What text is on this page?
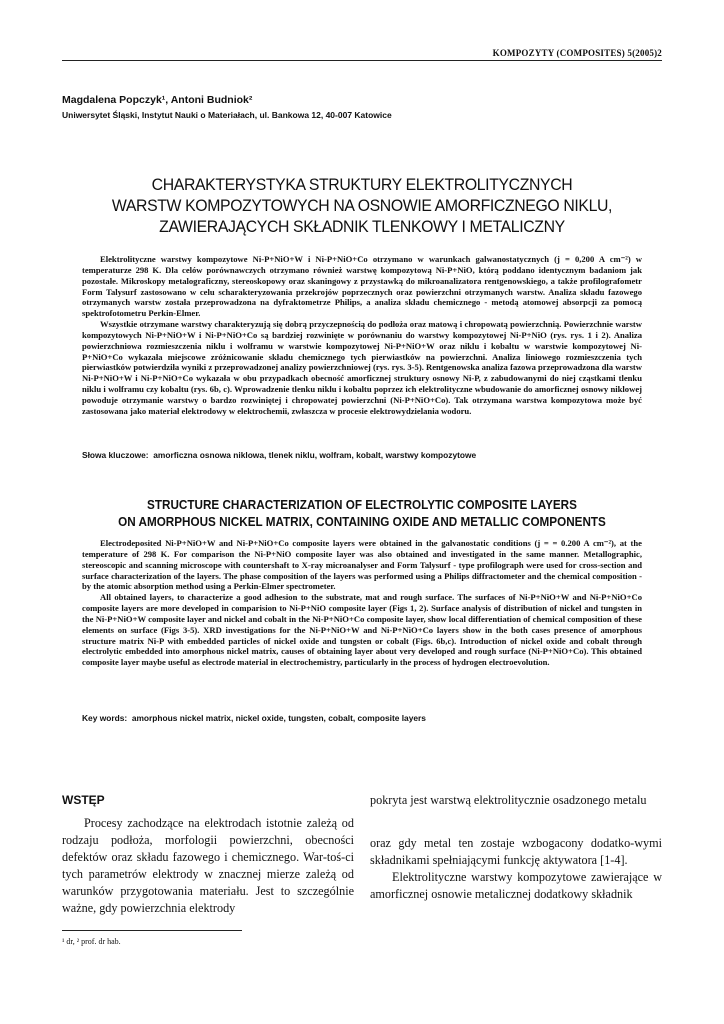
KOMPOZYTY (COMPOSITES) 5(2005)2
Magdalena Popczyk¹, Antoni Budniok²
Uniwersytet Śląski, Instytut Nauki o Materiałach, ul. Bankowa 12, 40-007 Katowice
CHARAKTERYSTYKA STRUKTURY ELEKTROLITYCZNYCH
WARSTW KOMPOZYTOWYCH NA OSNOWIE AMORFICZNEGO NIKLU,
ZAWIERAJĄCYCH SKŁADNIK TLENKOWY I METALICZNY

Elektrolityczne warstwy kompozytowe Ni-P+NiO+W i Ni-P+NiO+Co otrzymano w warunkach galwanostatycznych (j = 0,200 A cm⁻²) w temperaturze 298 K. Dla celów porównawczych otrzymano również warstwę kompozytową Ni-P+NiO, którą poddano identycznym badaniom jak pozostałe. Mikroskopy metalograficzny, stereoskopowy oraz skaningowy z przystawką do mikroanalizatora rentgenowskiego, a także profilografometr Form Talysurf zastosowano w celu scharakteryzowania przekrojów poprzecznych oraz powierzchni otrzymanych warstw. Analiza składu fazowego otrzymanych warstw została przeprowadzona na dyfraktometrze Philips, a analiza składu chemicznego - metodą atomowej absorpcji za pomocą spektrofotometru Perkin-Elmer.

Wszystkie otrzymane warstwy charakteryzują się dobrą przyczepnością do podłoża oraz matową i chropowatą powierzchnią. Powierzchnie warstw kompozytowych Ni-P+NiO+W i Ni-P+NiO+Co są bardziej rozwinięte w porównaniu do warstwy kompozytowej Ni-P+NiO (rys. rys. 1 i 2). Analiza powierzchniowa rozmieszczenia niklu i wolframu w warstwie kompozytowej Ni-P+NiO+W oraz niklu i kobaltu w warstwie kompozytowej Ni-P+NiO+Co wykazała miejscowe zróżnicowanie składu chemicznego tych pierwiastków na powierzchni. Analiza liniowego rozmieszczenia tych pierwiastków potwierdziła wyniki z przeprowadzonej analizy powierzchniowej (rys. rys. 3-5). Rentgenowska analiza fazowa przeprowadzona dla warstw Ni-P+NiO+W i Ni-P+NiO+Co wykazała w obu przypadkach obecność amorficznej struktury osnowy Ni-P, z zabudowanymi do niej cząstkami tlenku niklu i wolframu czy kobaltu (rys. 6b, c). Wprowadzenie tlenku niklu i kobaltu poprzez ich elektrolityczne wbudowanie do amorficznej osnowy niklowej powoduje otrzymanie warstwy o bardzo rozwiniętej i chropowatej powierzchni (Ni-P+NiO+Co). Tak otrzymana warstwa kompozytowa może być zastosowana jako materiał elektrodowy w elektrochemii, zwłaszcza w procesie elektrowydzielania wodoru.

Słowa kluczowe: amorficzna osnowa niklowa, tlenek niklu, wolfram, kobalt, warstwy kompozytowe
STRUCTURE CHARACTERIZATION OF ELECTROLYTIC COMPOSITE LAYERS
ON AMORPHOUS NICKEL MATRIX, CONTAINING OXIDE AND METALLIC COMPONENTS

Electrodeposited Ni-P+NiO+W and Ni-P+NiO+Co composite layers were obtained in the galvanostatic conditions (j = = 0.200 A cm⁻²), at the temperature of 298 K. For comparison the Ni-P+NiO composite layer was also obtained and investigated in the same manner. Metallographic, stereoscopic and scanning microscope with countershaft to X-ray microanalyser and Form Talysurf - type profilograph were used for cross-section and surface characterization of the layers. The phase composition of the layers was performed using a Philips diffractometer and the chemical composition - by the atomic absorption method using a Perkin-Elmer spectrometer.

All obtained layers, to characterize a good adhesion to the substrate, mat and rough surface. The surfaces of Ni-P+NiO+W and Ni-P+NiO+Co composite layers are more developed in comparision to Ni-P+NiO composite layer (Figs 1, 2). Surface analysis of distribution of nickel and tungsten in the Ni-P+NiO+W composite layer and nickel and cobalt in the Ni-P+NiO+Co composite layer, show local differentiation of chemical composition of these elements on surface (Figs 3-5). XRD investigations for the Ni-P+NiO+W and Ni-P+NiO+Co layers show in the both cases presence of amorphous structure matrix Ni-P with embedded particles of nickel oxide and tungsten or cobalt (Figs. 6b,c). Introduction of nickel oxide and cobalt through electrolytic embedded into amorphous nickel matrix, causes of obtaining layer about very developed and rough surface (Ni-P+NiO+Co). This obtained composite layer maybe useful as electrode material in electrochemistry, particularly in the process of hydrogen electroevolution.

Key words: amorphous nickel matrix, nickel oxide, tungsten, cobalt, composite layers
WSTĘP

Procesy zachodzące na elektrodach istotnie zależą od rodzaju podłoża, morfologii powierzchni, obecności defektów oraz składu fazowego i chemicznego. War-toś-ci tych parametrów elektrody w znacznej mierze zależą od warunków przygotowania materiału. Jest to szczególnie ważne, gdy powierzchnia elektrody

pokryta jest warstwą elektrolitycznie osadzonego metalu

oraz gdy metal ten zostaje wzbogacony dodatko-wymi składnikami spełniającymi funkcję aktywatora [1-4].

Elektrolityczne warstwy kompozytowe zawierające w amorficznej osnowie metalicznej dodatkowy składnik

¹ dr, ² prof. dr hab.
